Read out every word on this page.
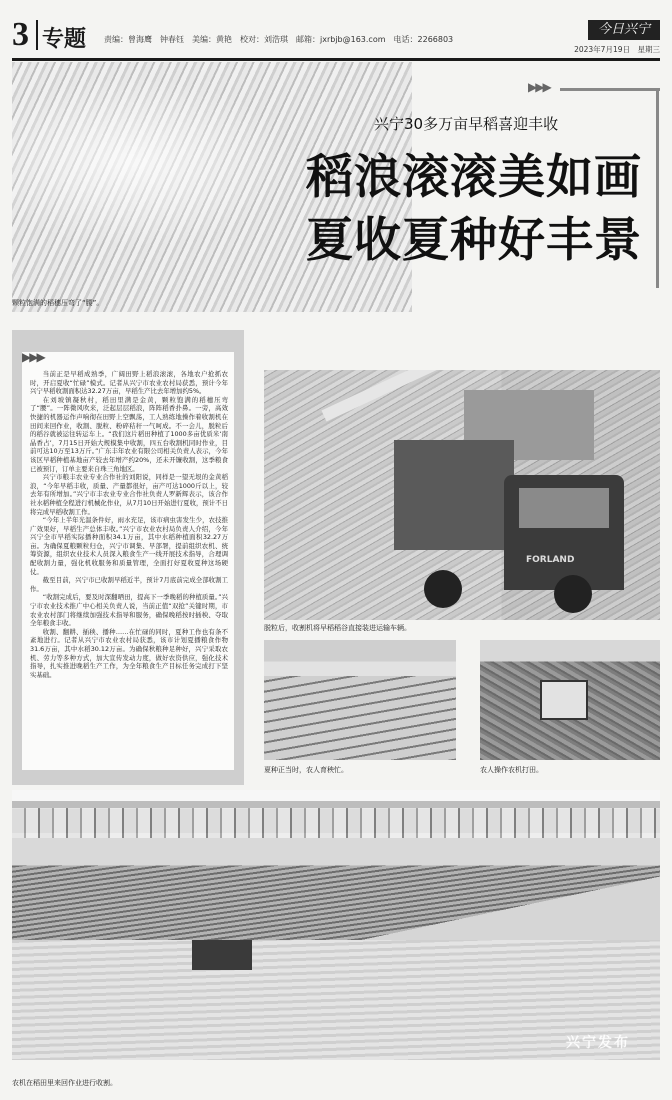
3 专题 责编：曾海鹰　钟春钰　美编：黄艳　校对：刘浩琪　邮箱：jxrbjb@163.com　电话：2266803
今日兴宁
2023年7月19日　星期三
颗粒饱满的稻穗压弯了“腰”。
▶▶▶
兴宁30多万亩早稻喜迎丰收
稻浪滚滚美如画
夏收夏种好丰景
▶▶▶

当前正是早稻成熟季，广阔田野上稻浪滚滚，各地农户抢抓农时，开启夏收“忙碌”模式。记者从兴宁市农业农村局获悉，预计今年兴宁早稻收割面积达32.27万亩，早稻生产比去年增加约5%。

在刘坡镇凝秋村，稻田里满是金黄，颗粒饱满的稻穗压弯了“腰”。一阵微风吹来，泛起层层稻浪，阵阵稻香扑鼻。一旁，高效快捷的机器运作声响彻在田野上空飘荡，工人熟练地操作着收割机在田间来回作业，收割、脱粒、粉碎秸秆一气呵成。不一会儿，脱粒后的稻谷就被运往转运车上。“我们这片稻田种植了1000多亩优质米‘南晶香占’，7月15日开始大规模集中收割，四五台收割机同时作业，目前可达10万至13万斤。”广东丰年农业有限公司相关负责人表示，今年该区早稻种植基地亩产较去年增产约20%，还未开镰收割，这季粮食已被预订，订单主要来自珠三角地区。

兴宁市粮丰农业专业合作社的刘阳说，同样是一望无垠的金黄稻浪，“今年早稻丰收，质量、产量都很好，亩产可达1000斤以上，较去年有所增加。”兴宁市丰农业专业合作社负责人罗新辉表示，该合作社水稻种植全程进行机械化作业，从7月10日开始进行夏收，预计不日将完成早稻收割工作。

“今年上半年光温条件好，雨水充足，该市病虫害发生少，农技推广效果好，早稻生产总体丰收。”兴宁市农业农村局负责人介绍，今年兴宁全市早稻实际播种面积34.1万亩，其中水稻种植面积32.27万亩。为确保夏粮颗粒归仓，兴宁市调集、早部署，提前组织农机、统筹资源，组织农业技术人员深入粮食生产一线开展技术指导，合理调配收割力量，强化机收服务和质量管理，全面打好夏收夏种这场硬仗。

截至目前，兴宁市已收割早稻近半，预计7月底前完成全部收割工作。

“收割完成后，要及时深翻晒田，提高下一季晚稻的种植质量。”兴宁市农业技术推广中心相关负责人说，当前正值“双抢”关键时期，市农业农村部门将继续加强技术指导和服务，确保晚稻按时插秧、夺取全年粮食丰收。

收割、翻耕、插秧、播种……在忙碌的同时，夏种工作也有条不紊地进行。记者从兴宁市农业农村局获悉，该市计划夏播粮食作物31.6万亩，其中水稻30.12万亩。为确保秋粮种足种好，兴宁采取农机、劳力等多种方式，加大宣传发动力度，做好农资供应，强化技术指导，扎实推进晚稻生产工作，为全年粮食生产目标任务完成打下坚实基础。

FORLAND
脱粒后，收割机将早稻稻谷直接装进运输车辆。
夏种正当时，农人育秧忙。	农人操作农机打田。
兴宁发布
农机在稻田里来回作业进行收割。
